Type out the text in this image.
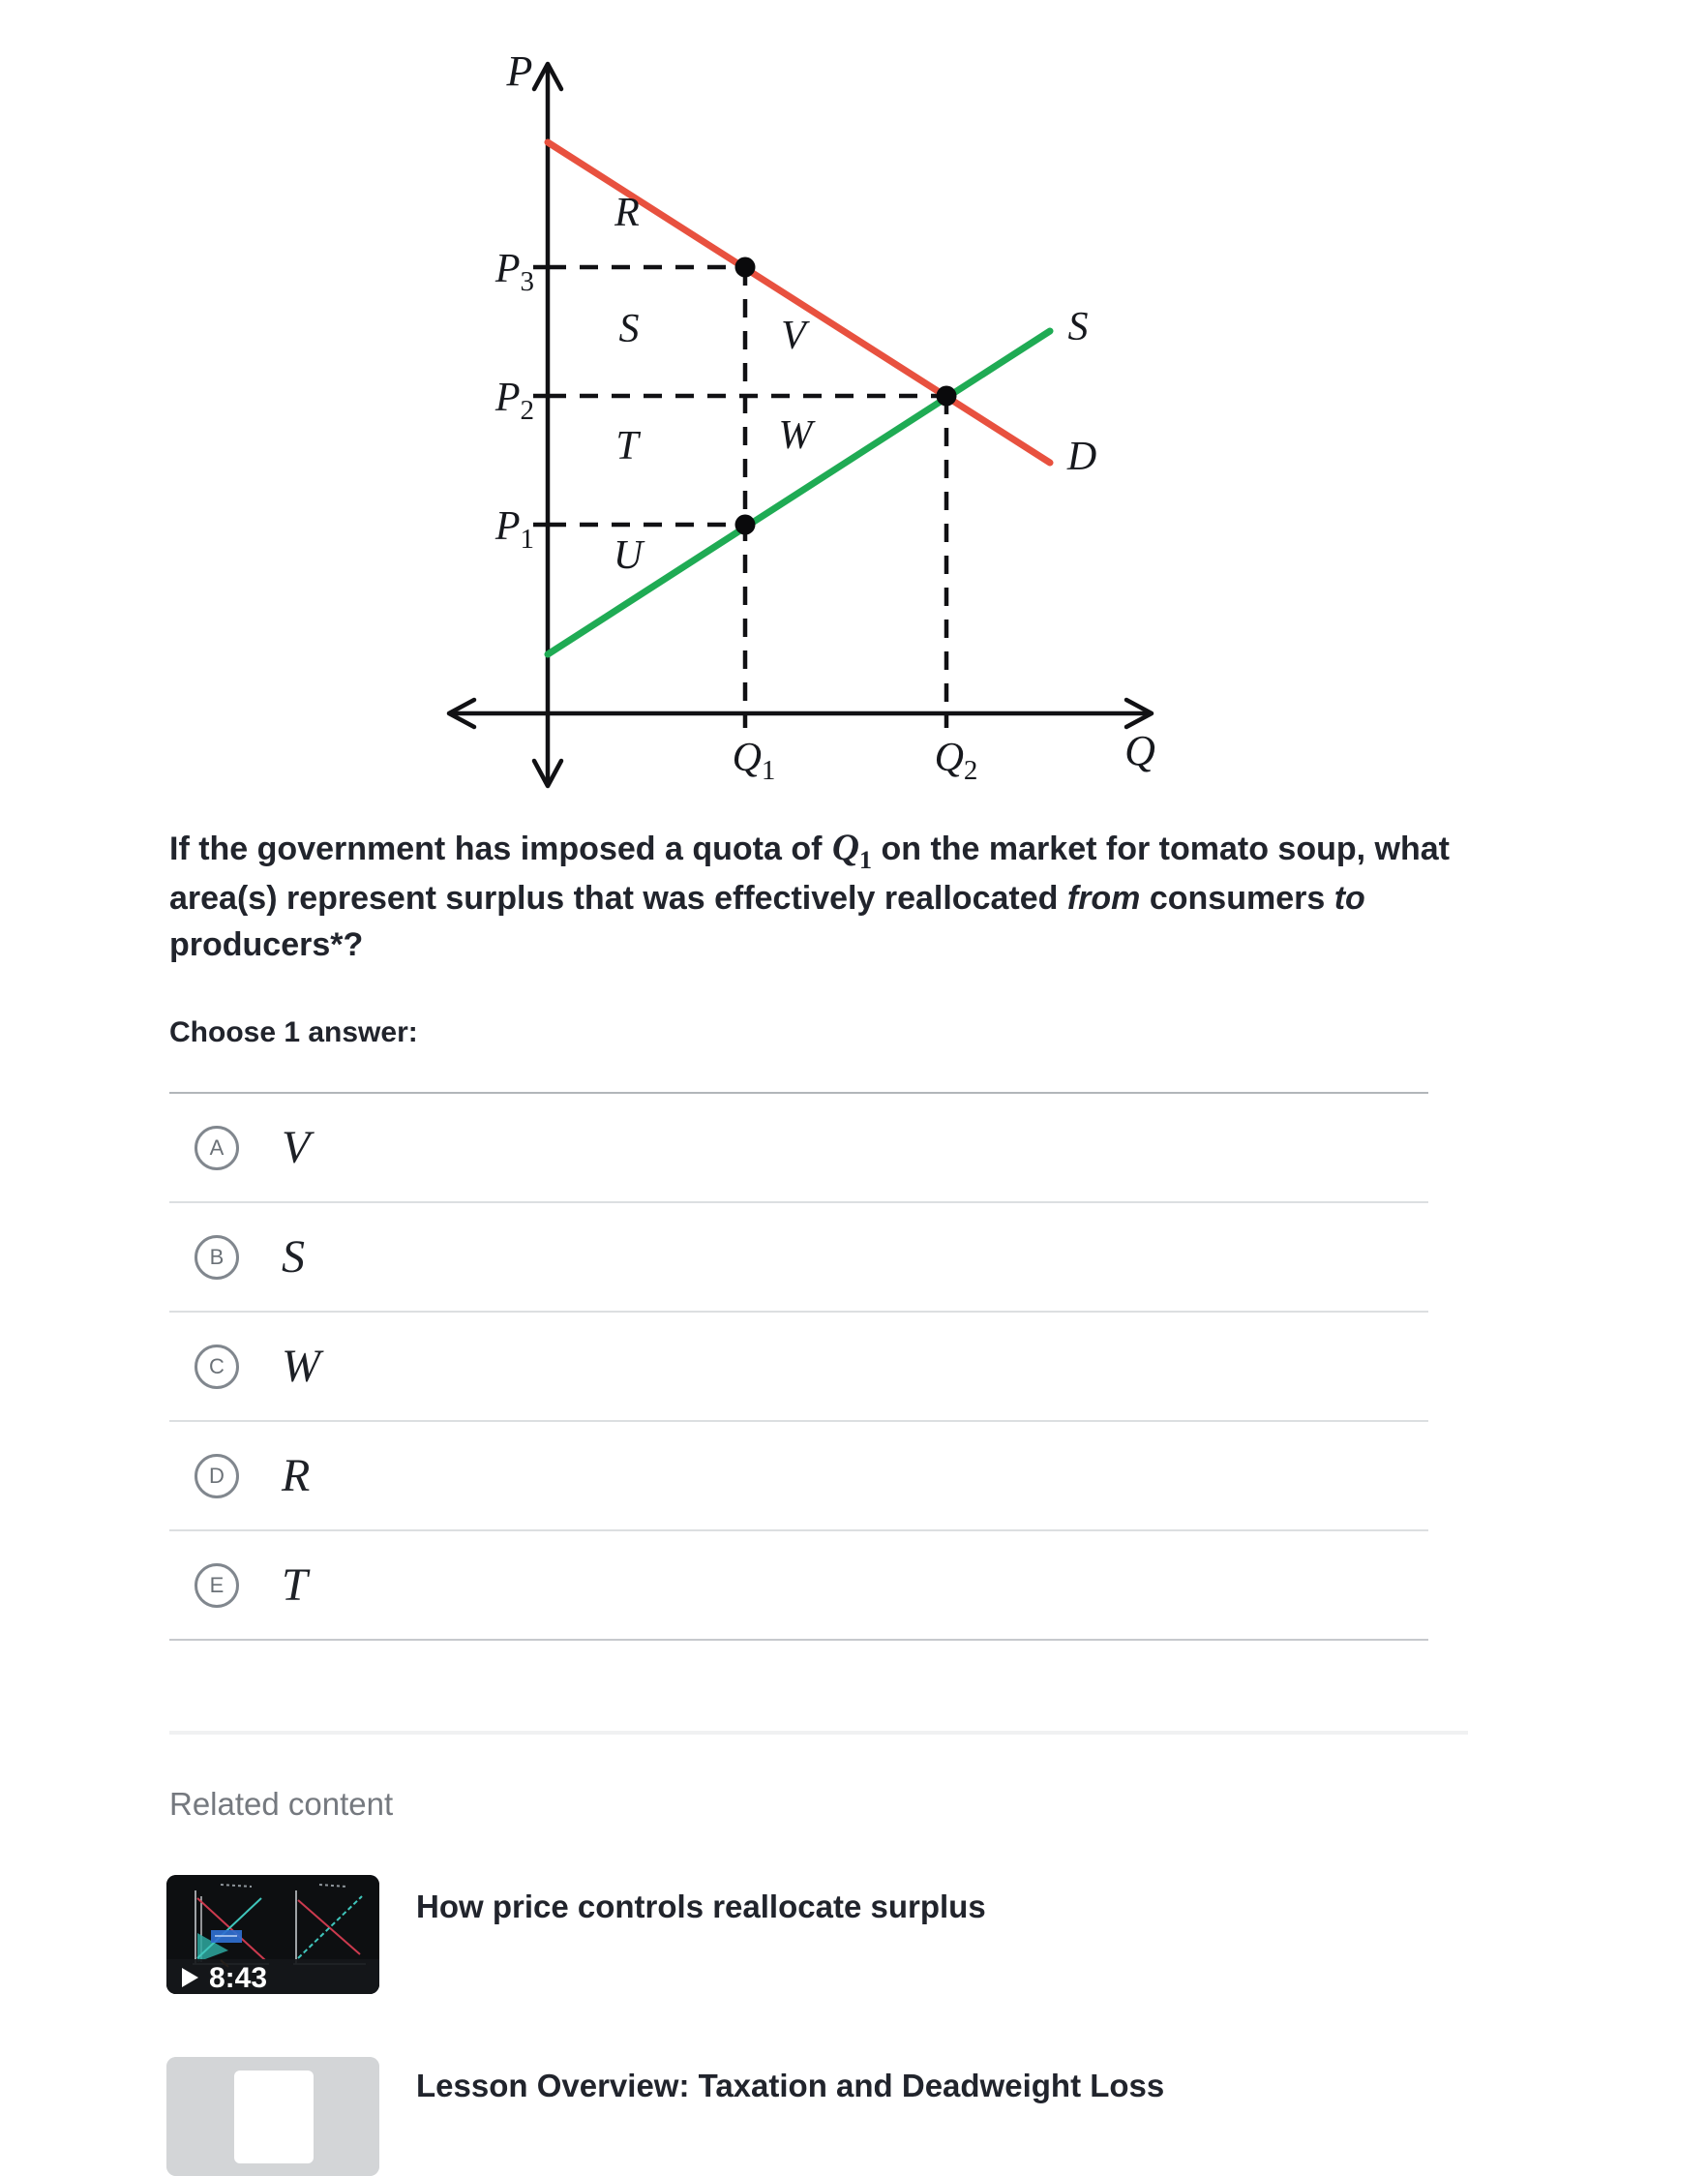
P
Q
$P_3$
$P_2$
$P_1$
$Q_1$	$Q_2$
R
S	V
W
T
U
S
D
If the government has imposed a quota of $Q_1$ on the market for tomato soup, what area(s) represent surplus that was effectively reallocated from consumers to producers*?
Choose 1 answer:
A V
B S
C W
D R
E T
Related content
8:43
How price controls reallocate surplus
Lesson Overview: Taxation and Deadweight Loss
